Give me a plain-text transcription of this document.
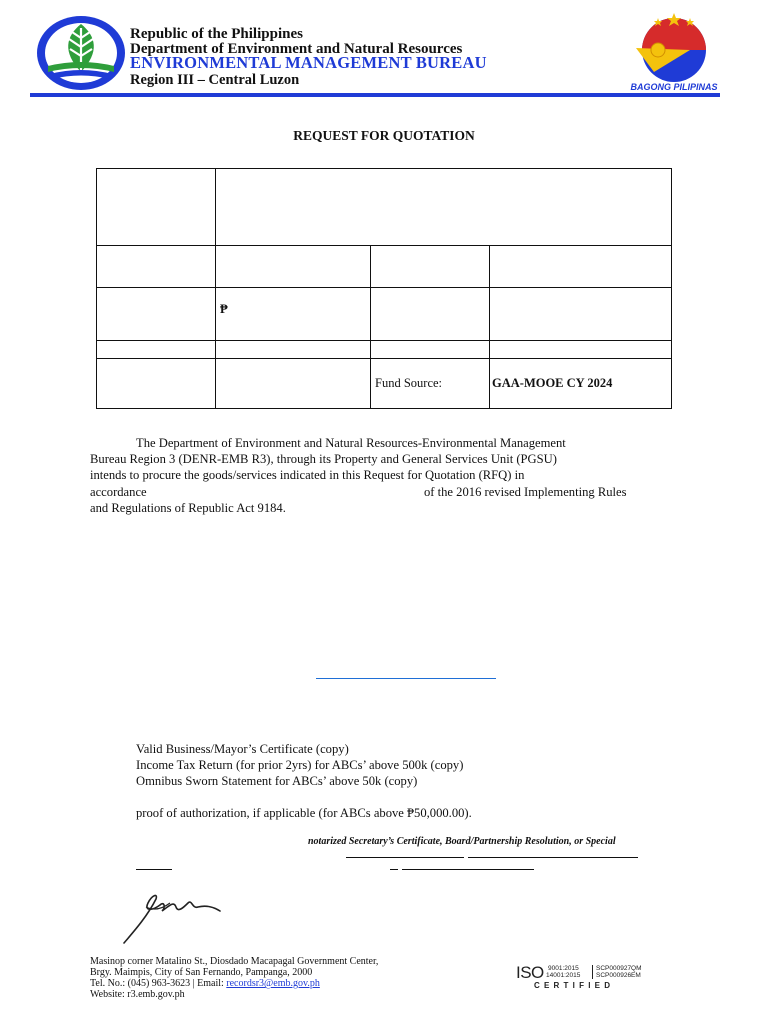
Republic of the Philippines
Department of Environment and Natural Resources
ENVIRONMENTAL MANAGEMENT BUREAU
Region III – Central Luzon	BAGONG PILIPINAS
REQUEST FOR QUOTATION

	₱		

		Fund Source:	GAA-MOOE CY 2024
The Department of Environment and Natural Resources-Environmental Management
Bureau Region 3 (DENR-EMB R3), through its Property and General Services Unit (PGSU)
intends to procure the goods/services indicated in this Request for Quotation (RFQ) in
accordance	of the 2016 revised Implementing Rules
and Regulations of Republic Act 9184.
Valid Business/Mayor’s Certificate (copy)
Income Tax Return (for prior 2yrs) for ABCs’ above 500k (copy)
Omnibus Sworn Statement for ABCs’ above 50k (copy)
proof of authorization, if applicable (for ABCs above ₱50,000.00).
notarized Secretary’s Certificate, Board/Partnership Resolution, or Special
Masinop corner Matalino St., Diosdado Macapagal Government Center,
Brgy. Maimpis, City of San Fernando, Pampanga, 2000
Tel. No.: (045) 963-3623 | Email: recordsr3@emb.gov.ph
Website: r3.emb.gov.ph
ISO 9001:2015
14001:2015
SCP000927QM
SCP000926EM
C E R T I F I E D
